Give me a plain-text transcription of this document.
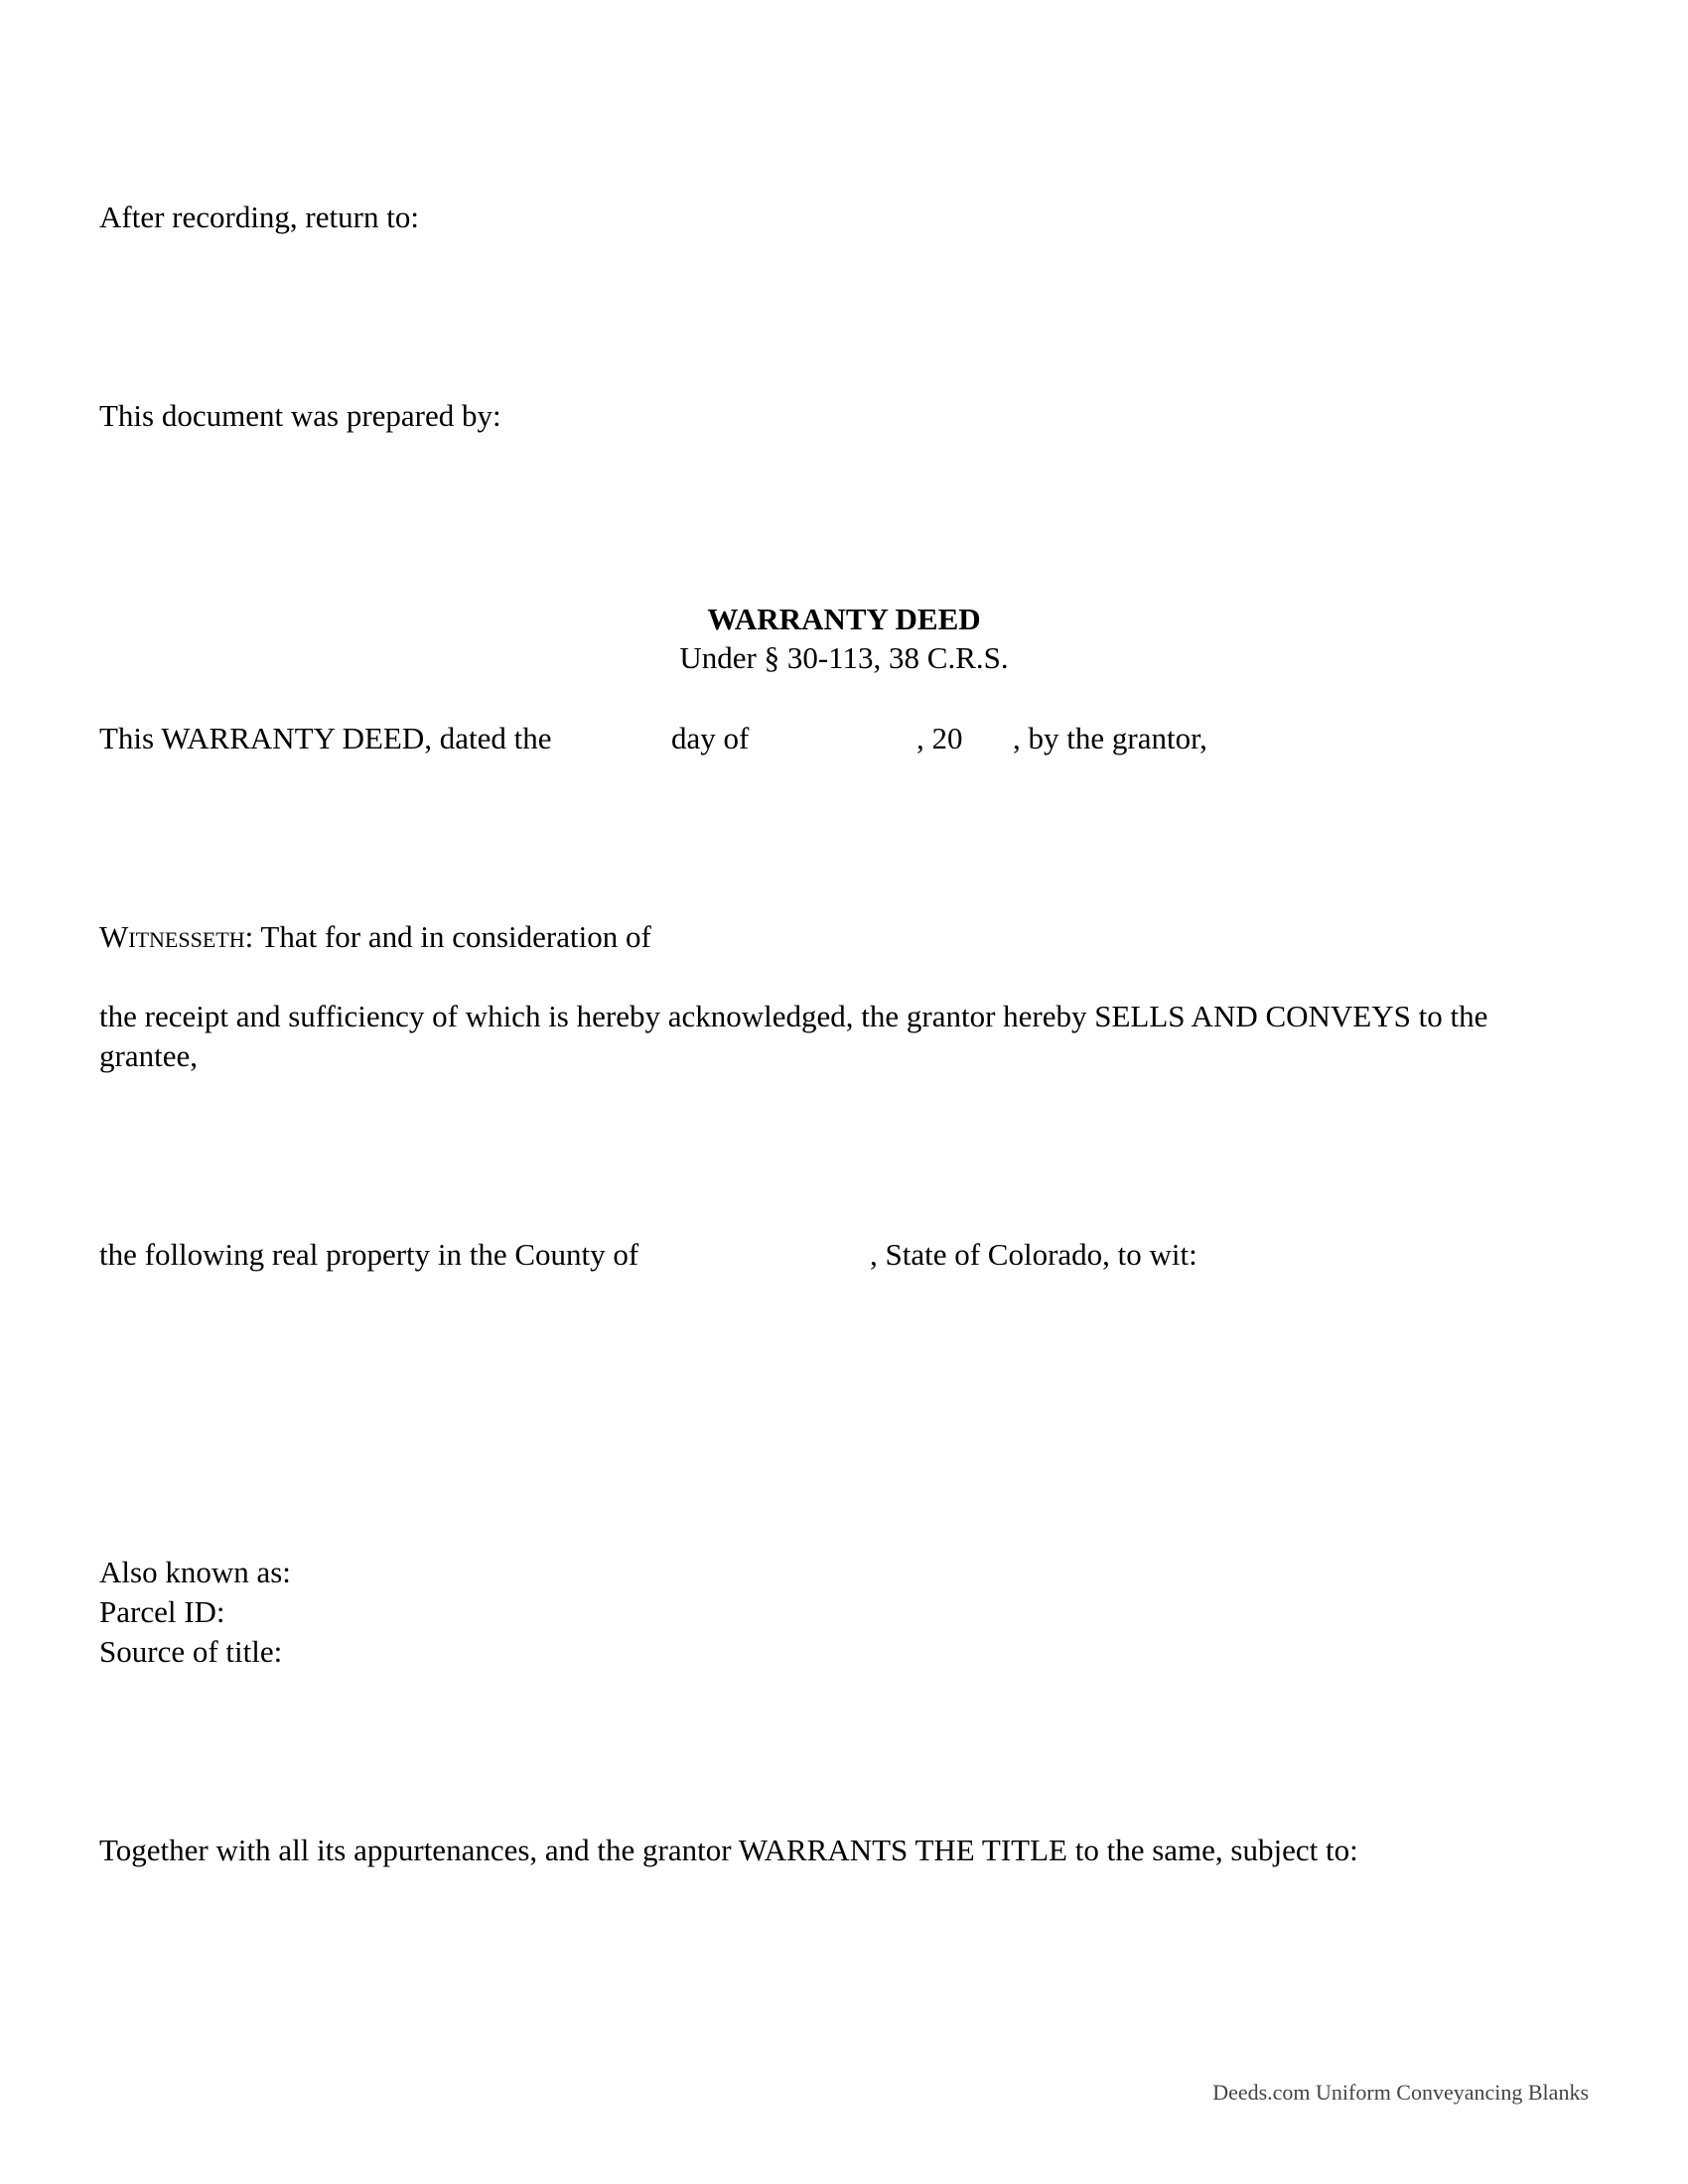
After recording, return to:
This document was prepared by:
WARRANTY DEED
Under § 30-113, 38 C.R.S.
This WARRANTY DEED, dated the	day of	, 20 , by the grantor,
Witnesseth: That for and in consideration of
the receipt and sufficiency of which is hereby acknowledged, the grantor hereby SELLS AND CONVEYS to the grantee,
the following real property in the County of	, State of Colorado, to wit:
Also known as:
Parcel ID:
Source of title:
Together with all its appurtenances, and the grantor WARRANTS THE TITLE to the same, subject to:
Deeds.com Uniform Conveyancing Blanks
